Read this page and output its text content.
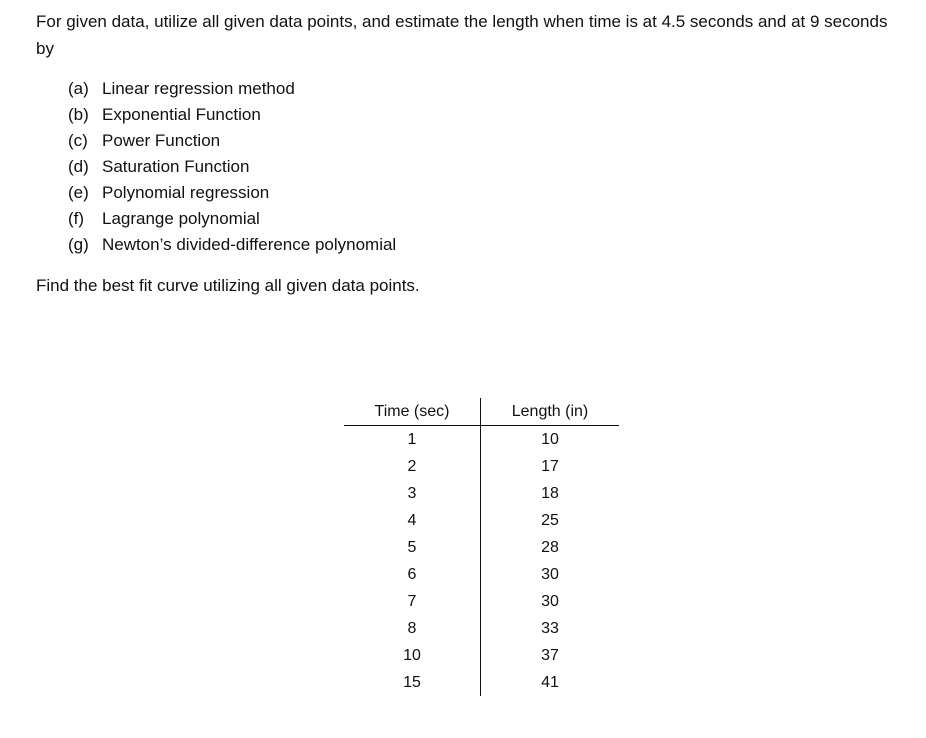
For given data, utilize all given data points, and estimate the length when time is at 4.5 seconds and at 9 seconds by

(a) Linear regression method
(b) Exponential Function
(c) Power Function
(d) Saturation Function
(e) Polynomial regression
(f) Lagrange polynomial
(g) Newton’s divided-difference polynomial

Find the best fit curve utilizing all given data points.

Time (sec)	Length (in)
1	10
2	17
3	18
4	25
5	28
6	30
7	30
8	33
10	37
15	41
